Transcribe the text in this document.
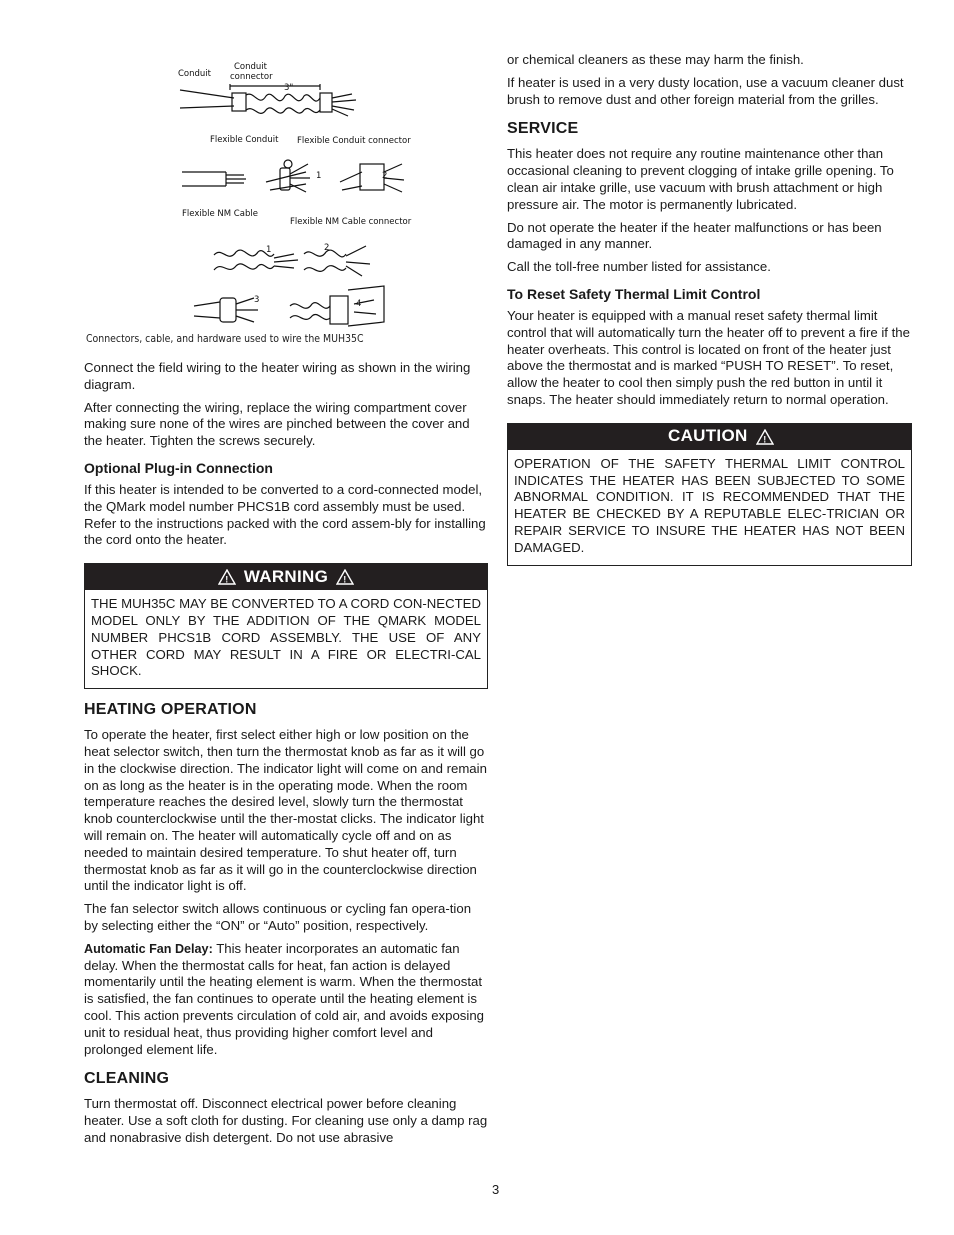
Conduit
Conduit
connector
3"
Flexible Conduit Flexible Conduit connector
Flexible NM Cable
Flexible NM Cable connector
1	2
1	2
3	4
Connectors, cable, and hardware used to wire the MUH35C

Connect the field wiring to the heater wiring as shown in the wiring diagram.

After connecting the wiring, replace the wiring compartment cover making sure none of the wires are pinched between the cover and the heater. Tighten the screws securely.

Optional Plug-in Connection

If this heater is intended to be converted to a cord-connected model, the QMark model number PHCS1B cord assembly must be used. Refer to the instructions packed with the cord assem-bly for installing the cord onto the heater.

! WARNING !
THE MUH35C MAY BE CONVERTED TO A CORD CON-NECTED MODEL ONLY BY THE ADDITION OF THE QMARK MODEL NUMBER PHCS1B CORD ASSEMBLY. THE USE OF ANY OTHER CORD MAY RESULT IN A FIRE OR ELECTRI-CAL SHOCK.
HEATING OPERATION

To operate the heater, first select either high or low position on the heat selector switch, then turn the thermostat knob as far as it will go in the clockwise direction. The indicator light will come on and remain on as long as the heater is in the operating mode. When the room temperature reaches the desired level, slowly turn the thermostat knob counterclockwise until the ther-mostat clicks. The indicator light will remain on. The heater will automatically cycle off and on as needed to maintain desired temperature. To shut heater off, turn thermostat knob as far as it will go in the counterclockwise direction until the indicator light is off.

The fan selector switch allows continuous or cycling fan opera-tion by selecting either the “ON” or “Auto” position, respectively.

Automatic Fan Delay: This heater incorporates an automatic fan delay. When the thermostat calls for heat, fan action is delayed momentarily until the heating element is warm. When the thermostat is satisfied, the fan continues to operate until the heating element is cool. This action prevents circulation of cold air, and avoids exposing unit to residual heat, thus providing higher comfort level and prolonged element life.

CLEANING

Turn thermostat off. Disconnect electrical power before cleaning heater. Use a soft cloth for dusting. For cleaning use only a damp rag and nonabrasive dish detergent. Do not use abrasive

or chemical cleaners as these may harm the finish.

If heater is used in a very dusty location, use a vacuum cleaner dust brush to remove dust and other foreign material from the grilles.

SERVICE

This heater does not require any routine maintenance other than occasional cleaning to prevent clogging of intake grille opening. To clean air intake grille, use vacuum with brush attachment or high pressure air. The motor is permanently lubricated.

Do not operate the heater if the heater malfunctions or has been damaged in any manner.

Call the toll-free number listed for assistance.

To Reset Safety Thermal Limit Control

Your heater is equipped with a manual reset safety thermal limit control that will automatically turn the heater off to prevent a fire if the heater overheats. This control is located on front of the heater just above the thermostat and is marked “PUSH TO RESET”. To reset, allow the heater to cool then simply push the red button in until it snaps. The heater should immediately return to normal operation.

CAUTION !
OPERATION OF THE SAFETY THERMAL LIMIT CONTROL INDICATES THE HEATER HAS BEEN SUBJECTED TO SOME ABNORMAL CONDITION. IT IS RECOMMENDED THAT THE HEATER BE CHECKED BY A REPUTABLE ELEC-TRICIAN OR REPAIR SERVICE TO INSURE THE HEATER HAS NOT BEEN DAMAGED.
3
